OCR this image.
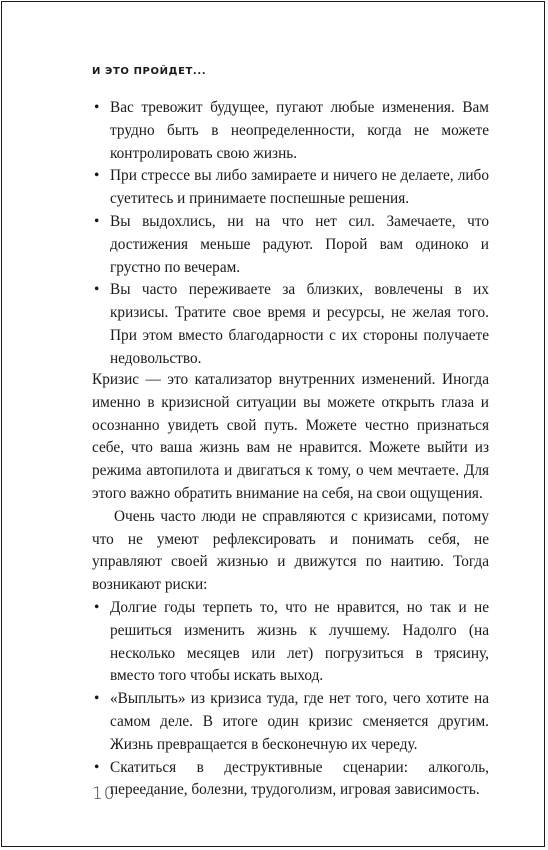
И ЭТО ПРОЙДЕТ...
• Вас тревожит будущее, пугают любые изменения. Вам трудно быть в неопределенности, когда не можете контролировать свою жизнь.
• При стрессе вы либо замираете и ничего не делаете, либо суетитесь и принимаете поспешные решения.
• Вы выдохлись, ни на что нет сил. Замечаете, что достижения меньше радуют. Порой вам одиноко и грустно по вечерам.
• Вы часто переживаете за близких, вовлечены в их кризисы. Тратите свое время и ресурсы, не желая того. При этом вместо благодарности с их стороны получаете недовольство.

Кризис — это катализатор внутренних изменений. Иногда именно в кризисной ситуации вы можете открыть глаза и осознанно увидеть свой путь. Можете честно признаться себе, что ваша жизнь вам не нравится. Можете выйти из режима автопилота и двигаться к тому, о чем мечтаете. Для этого важно обратить внимание на себя, на свои ощущения.

Очень часто люди не справляются с кризисами, потому что не умеют рефлексировать и понимать себя, не управляют своей жизнью и движутся по наитию. Тогда возникают риски:

• Долгие годы терпеть то, что не нравится, но так и не решиться изменить жизнь к лучшему. Надолго (на несколько месяцев или лет) погрузиться в трясину, вместо того чтобы искать выход.
• «Выплыть» из кризиса туда, где нет того, чего хотите на самом деле. В итоге один кризис сменяется другим. Жизнь превращается в бесконечную их череду.
• Скатиться в деструктивные сценарии: алкоголь, переедание, болезни, трудоголизм, игровая зависимость.
10
